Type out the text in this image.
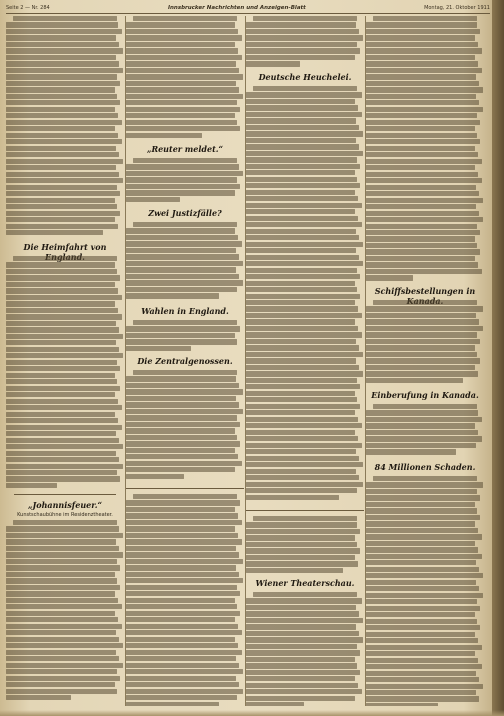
Seite 2 — Nr. 284	Innsbrucker Nachrichten und Anzeigen-Blatt	Montag, 21. Oktober 1911
Die Heimfahrt von
„Johannisfeuer.“
Kunstschaubühne im Residenztheater.
„Reuter meldet.“
Zwei Justizfälle?
Wahlen in England.
Die Zentralgenossen.
Deutsche Heuchelei.
Wiener Theaterschau.
Schiffsbestellungen in
Einberufung in Kanada.
84 Millionen Schaden.
